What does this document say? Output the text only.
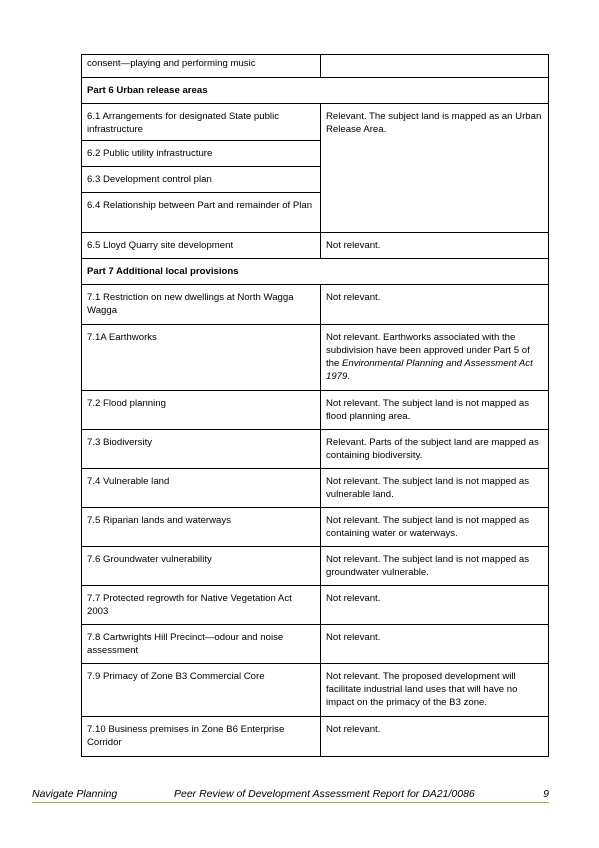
consent—playing and performing music	
Part 6 Urban release areas	
6.1 Arrangements for designated State public infrastructure	Relevant. The subject land is mapped as an Urban Release Area.
6.2 Public utility infrastructure	
6.3 Development control plan	
6.4 Relationship between Part and remainder of Plan	
6.5 Lloyd Quarry site development	Not relevant.
Part 7 Additional local provisions	
7.1 Restriction on new dwellings at North Wagga Wagga	Not relevant.
7.1A Earthworks	Not relevant. Earthworks associated with the subdivision have been approved under Part 5 of the Environmental Planning and Assessment Act 1979.
7.2 Flood planning	Not relevant. The subject land is not mapped as flood planning area.
7.3 Biodiversity	Relevant. Parts of the subject land are mapped as containing biodiversity.
7.4 Vulnerable land	Not relevant. The subject land is not mapped as vulnerable land.
7.5 Riparian lands and waterways	Not relevant. The subject land is not mapped as containing water or waterways.
7.6 Groundwater vulnerability	Not relevant. The subject land is not mapped as groundwater vulnerable.
7.7 Protected regrowth for Native Vegetation Act 2003	Not relevant.
7.8 Cartwrights Hill Precinct—odour and noise assessment	Not relevant.
7.9 Primacy of Zone B3 Commercial Core	Not relevant. The proposed development will facilitate industrial land uses that will have no impact on the primacy of the B3 zone.
7.10 Business premises in Zone B6 Enterprise Corridor	Not relevant.
Navigate Planning	Peer Review of Development Assessment Report for DA21/0086	9
